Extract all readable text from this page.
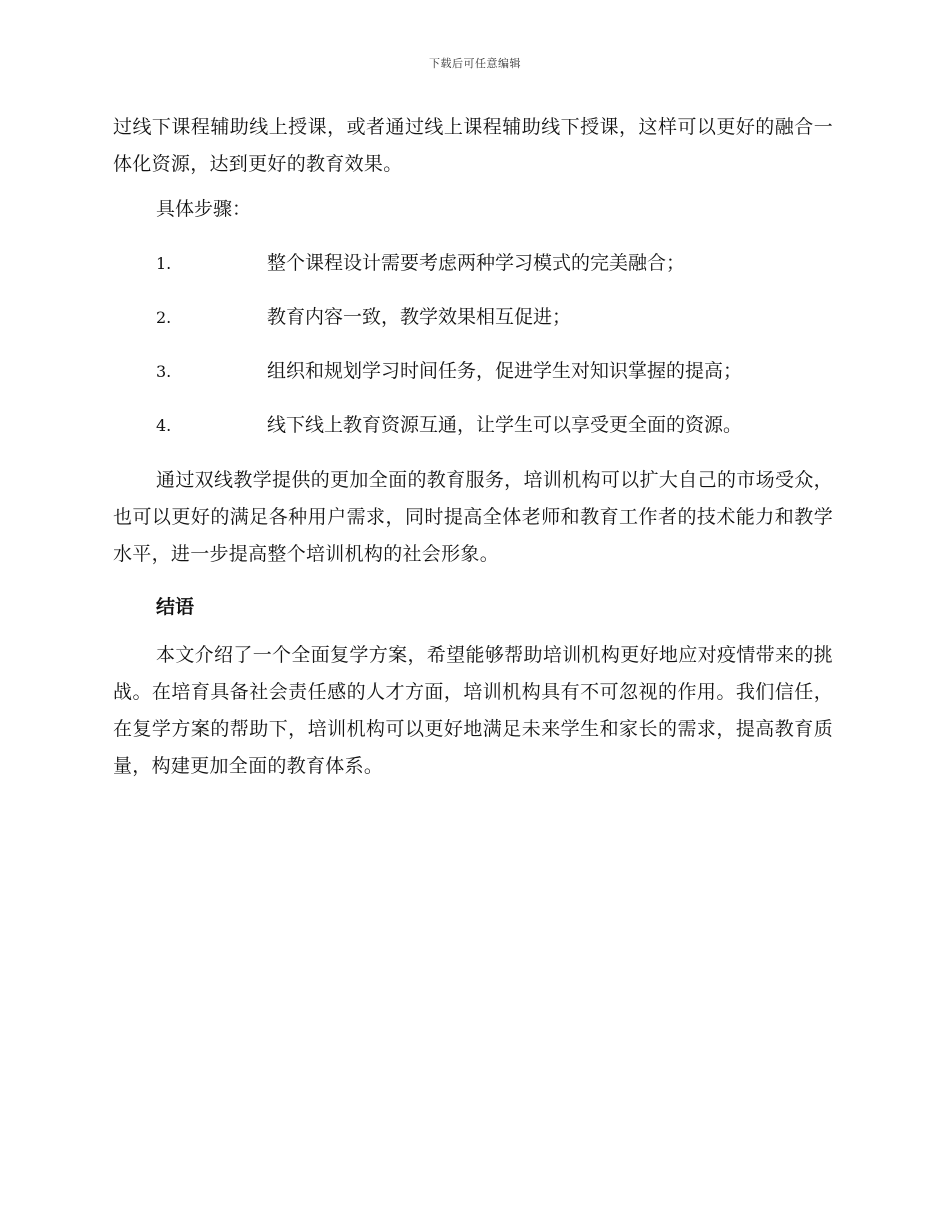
下载后可任意编辑

过线下课程辅助线上授课，或者通过线上课程辅助线下授课，这样可以更好的融合一体化资源，达到更好的教育效果。

具体步骤：

1.	整个课程设计需要考虑两种学习模式的完美融合；
2.	教育内容一致，教学效果相互促进；
3.	组织和规划学习时间任务，促进学生对知识掌握的提高；
4.	线下线上教育资源互通，让学生可以享受更全面的资源。

通过双线教学提供的更加全面的教育服务，培训机构可以扩大自己的市场受众，也可以更好的满足各种用户需求，同时提高全体老师和教育工作者的技术能力和教学水平，进一步提高整个培训机构的社会形象。

结语

本文介绍了一个全面复学方案，希望能够帮助培训机构更好地应对疫情带来的挑战。在培育具备社会责任感的人才方面，培训机构具有不可忽视的作用。我们信任，在复学方案的帮助下，培训机构可以更好地满足未来学生和家长的需求，提高教育质量，构建更加全面的教育体系。
